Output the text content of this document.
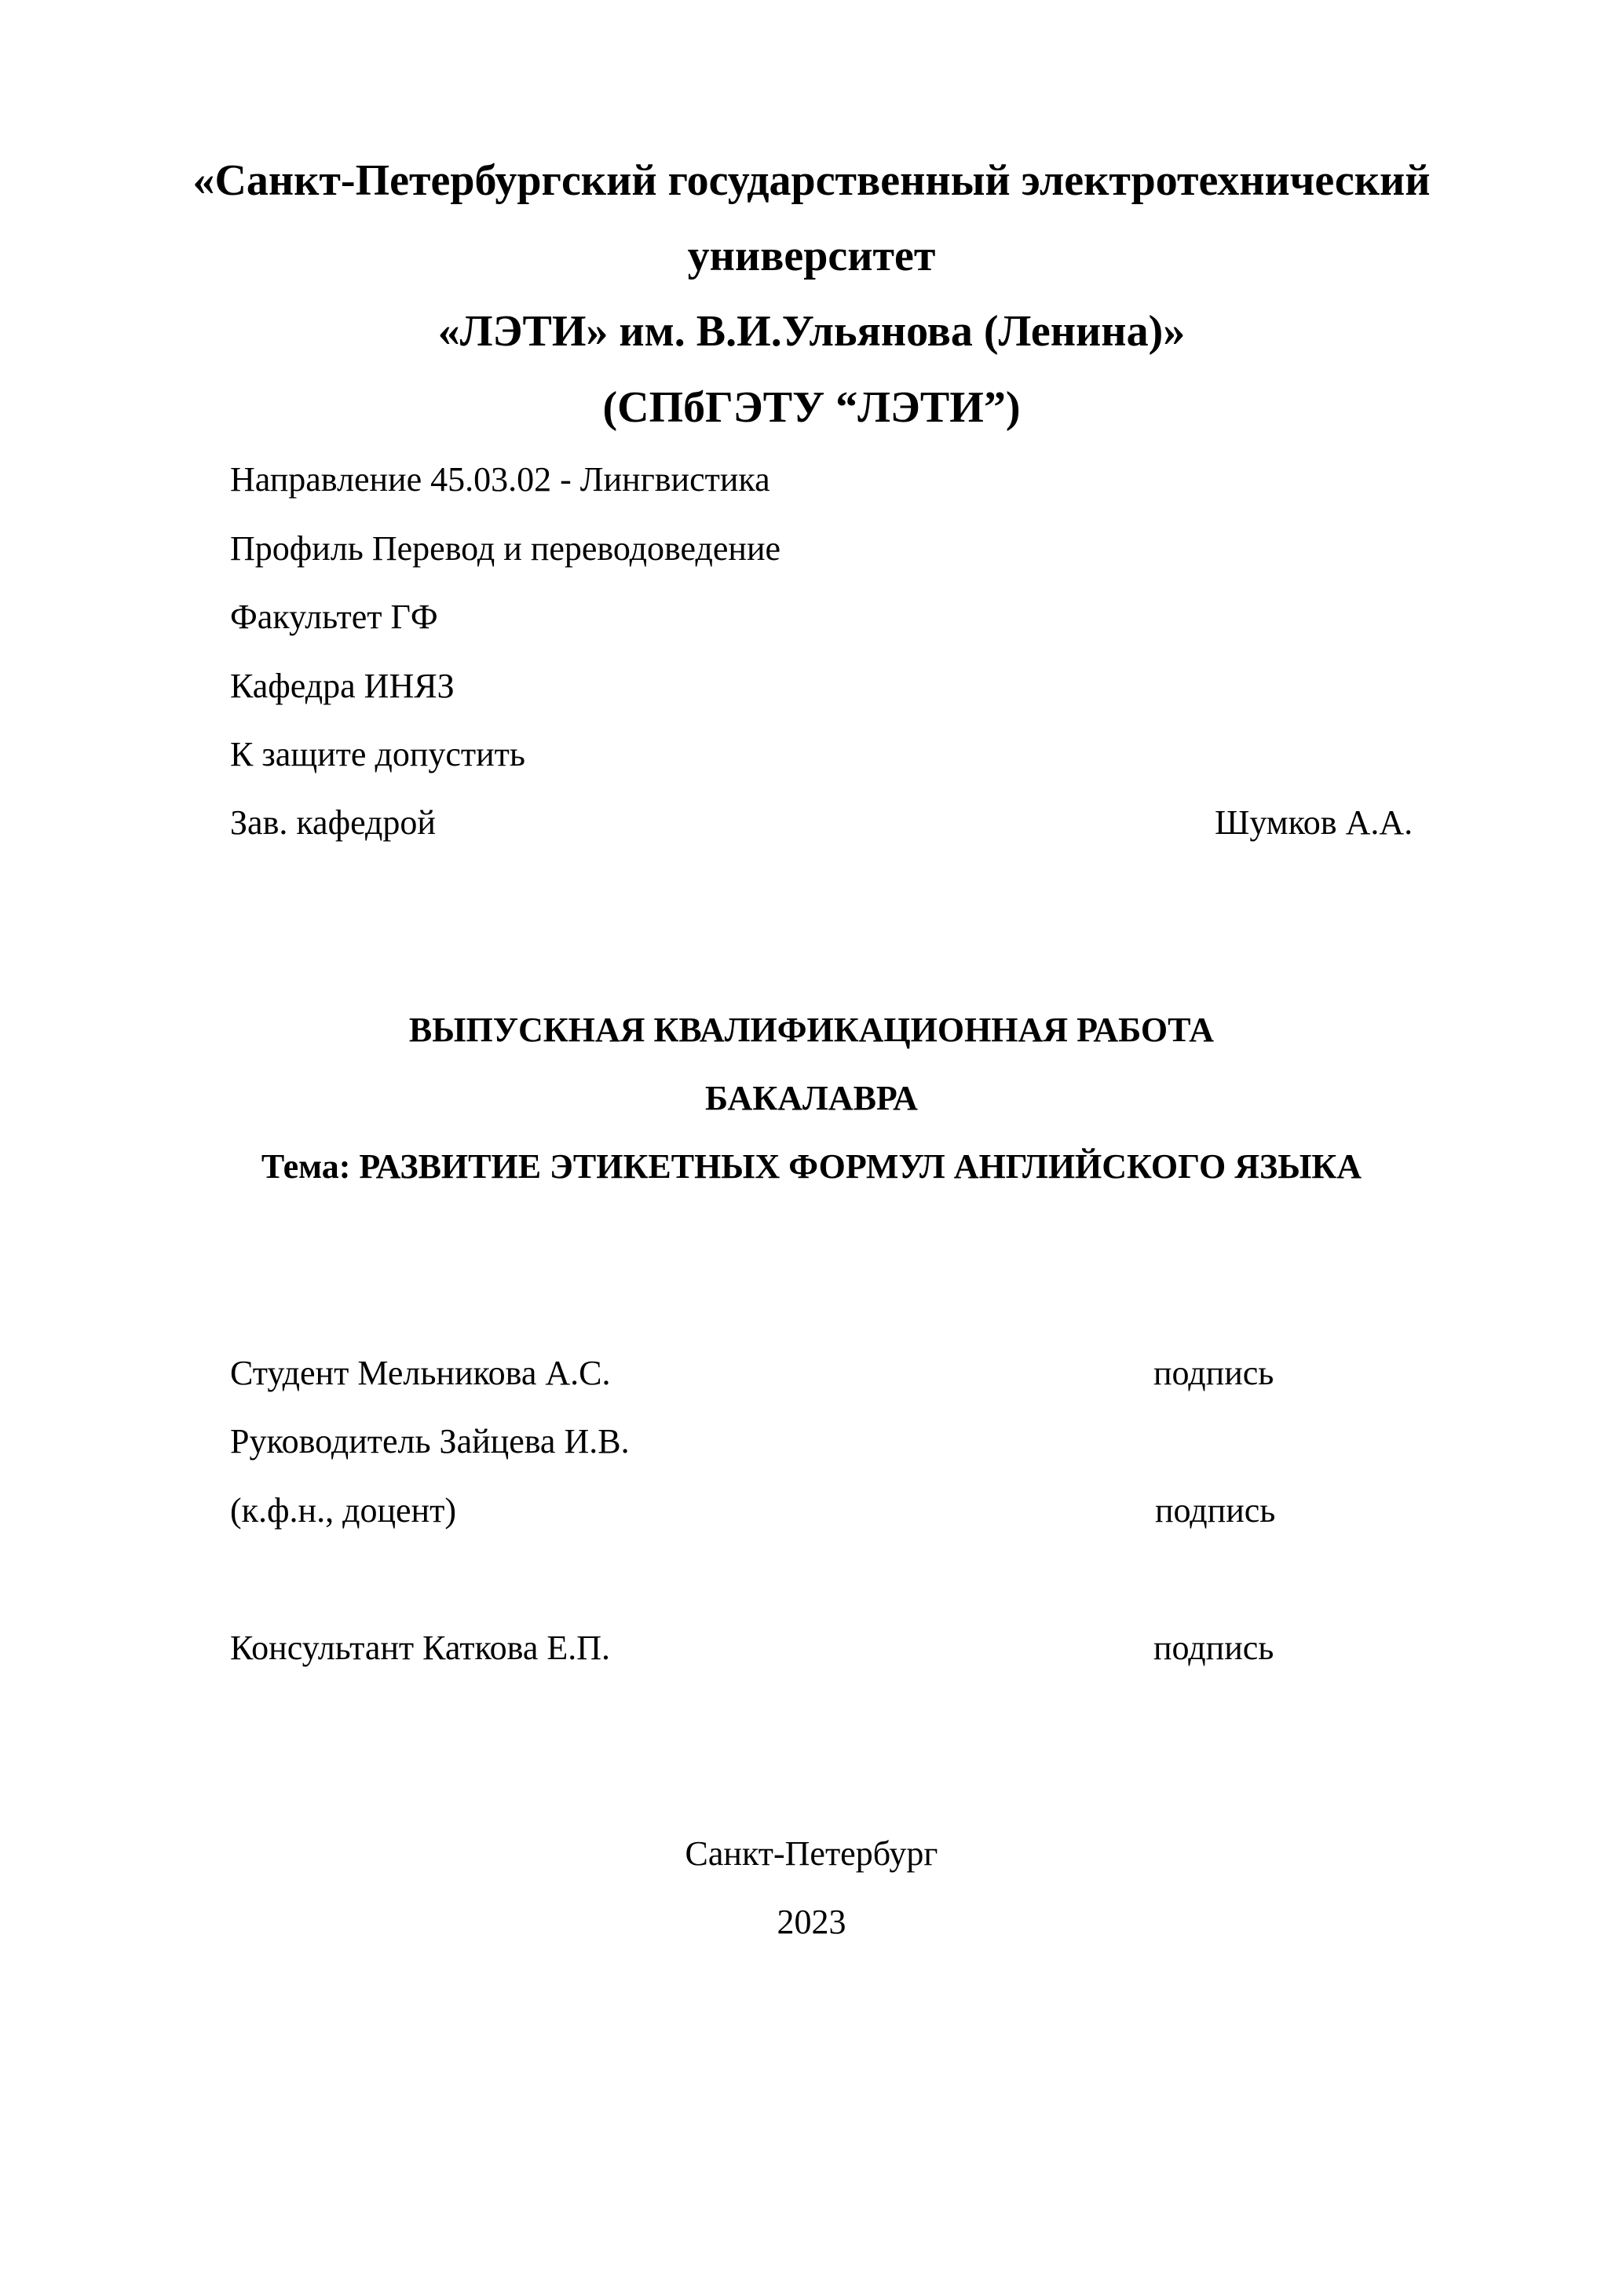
«Санкт-Петербургский государственный электротехнический
университет
«ЛЭТИ» им. В.И.Ульянова (Ленина)»
(СПбГЭТУ “ЛЭТИ”)
Направление 45.03.02 - Лингвистика
Профиль Перевод и переводоведение
Факультет ГФ
Кафедра ИНЯЗ
К защите допустить
Зав. кафедрой	Шумков А.А.
ВЫПУСКНАЯ КВАЛИФИКАЦИОННАЯ РАБОТА
БАКАЛАВРА
Тема: РАЗВИТИЕ ЭТИКЕТНЫХ ФОРМУЛ АНГЛИЙСКОГО ЯЗЫКА
Студент Мельникова А.С.	подпись
Руководитель Зайцева И.В.
(к.ф.н., доцент)	подпись
Консультант Каткова Е.П.	подпись
Санкт-Петербург
2023
